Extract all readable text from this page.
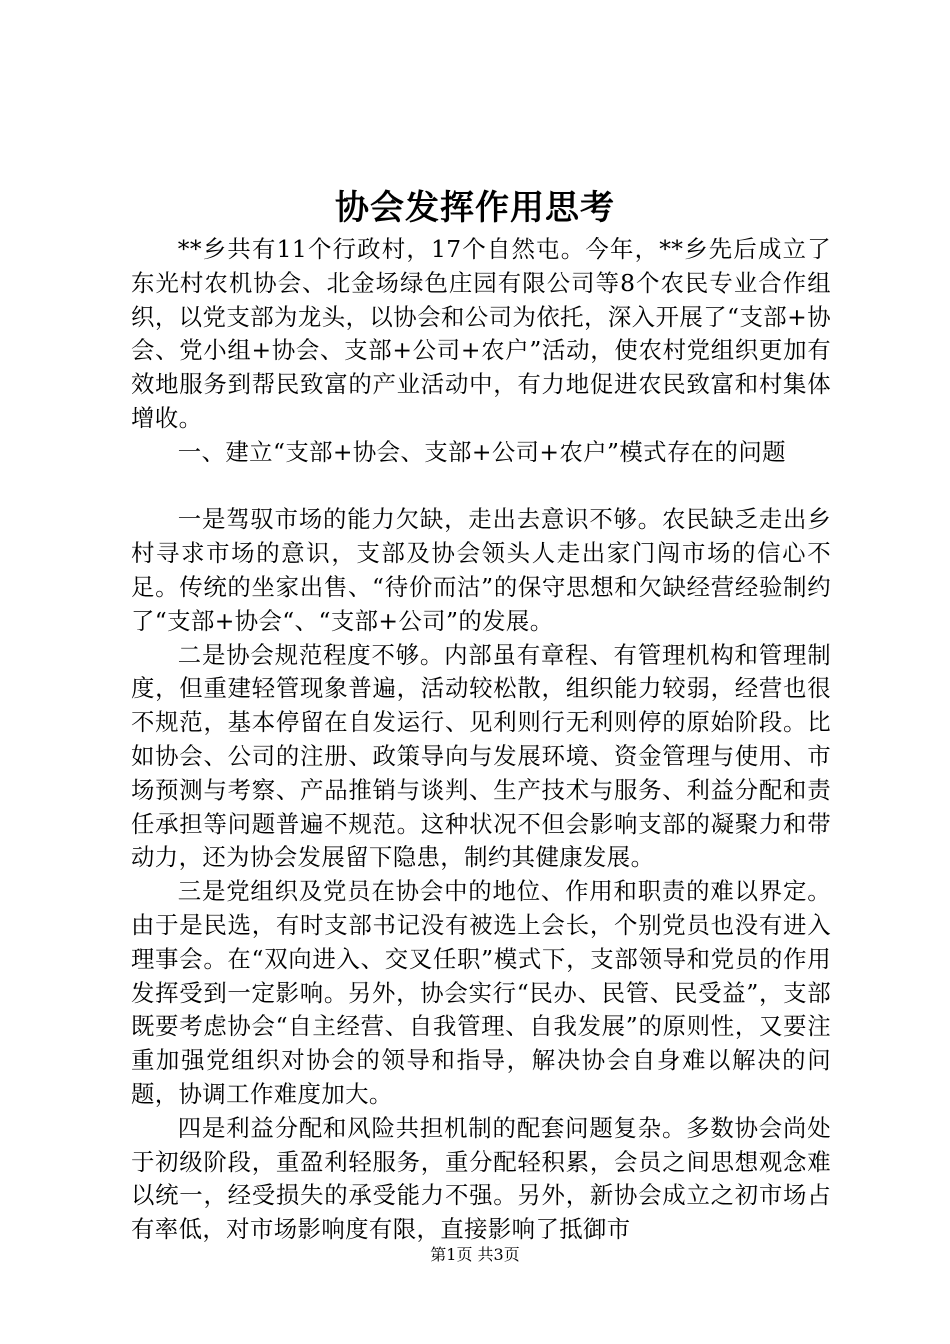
协会发挥作用思考

**乡共有11个行政村，17个自然屯。今年，**乡先后成立了东光村农机协会、北金场绿色庄园有限公司等8个农民专业合作组织，以党支部为龙头，以协会和公司为依托，深入开展了“支部+协会、党小组+协会、支部+公司+农户”活动，使农村党组织更加有效地服务到帮民致富的产业活动中，有力地促进农民致富和村集体增收。

一、建立“支部+协会、支部+公司+农户”模式存在的问题

一是驾驭市场的能力欠缺，走出去意识不够。农民缺乏走出乡村寻求市场的意识，支部及协会领头人走出家门闯市场的信心不足。传统的坐家出售、“待价而沽”的保守思想和欠缺经营经验制约了“支部+协会“、“支部+公司”的发展。

二是协会规范程度不够。内部虽有章程、有管理机构和管理制度，但重建轻管现象普遍，活动较松散，组织能力较弱，经营也很不规范，基本停留在自发运行、见利则行无利则停的原始阶段。比如协会、公司的注册、政策导向与发展环境、资金管理与使用、市场预测与考察、产品推销与谈判、生产技术与服务、利益分配和责任承担等问题普遍不规范。这种状况不但会影响支部的凝聚力和带动力，还为协会发展留下隐患，制约其健康发展。

三是党组织及党员在协会中的地位、作用和职责的难以界定。由于是民选，有时支部书记没有被选上会长，个别党员也没有进入理事会。在“双向进入、交叉任职”模式下，支部领导和党员的作用发挥受到一定影响。另外，协会实行“民办、民管、民受益”，支部既要考虑协会“自主经营、自我管理、自我发展”的原则性，又要注重加强党组织对协会的领导和指导，解决协会自身难以解决的问题，协调工作难度加大。

四是利益分配和风险共担机制的配套问题复杂。多数协会尚处于初级阶段，重盈利轻服务，重分配轻积累，会员之间思想观念难以统一，经受损失的承受能力不强。另外，新协会成立之初市场占有率低，对市场影响度有限，直接影响了抵御市

第1页 共3页
